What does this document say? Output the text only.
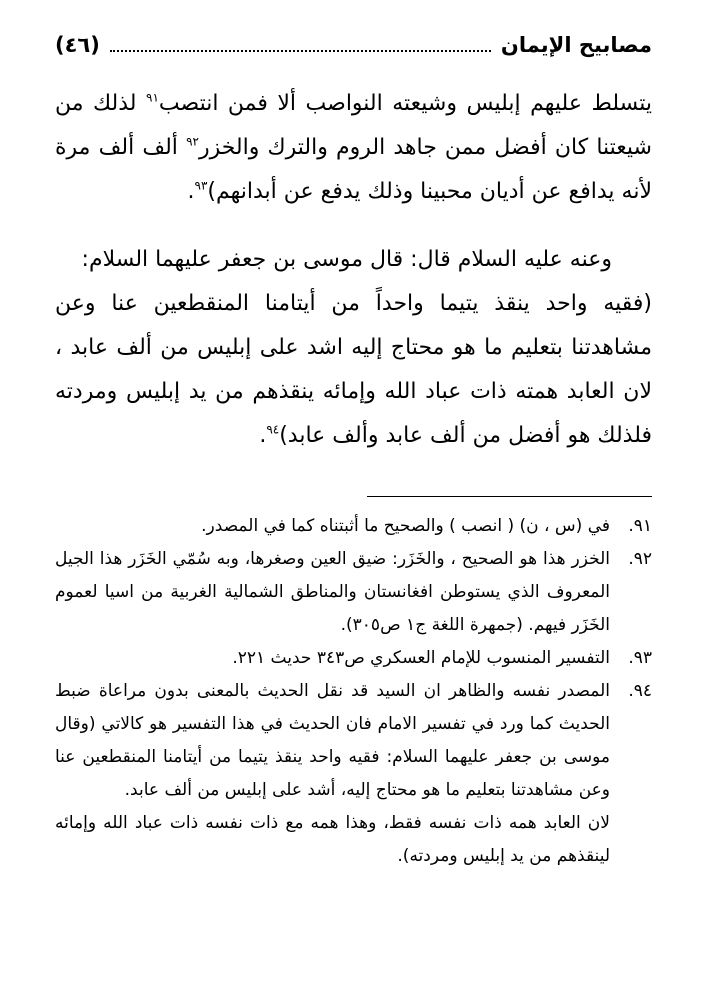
مصابيح الإيمان
(٤٦)

يتسلط عليهم إبليس وشيعته النواصب ألا فمن انتصب$^{٩١}$ لذلك من شيعتنا كان أفضل ممن جاهد الروم والترك والخزر$^{٩٢}$ ألف ألف مرة لأنه يدافع عن أديان محبينا وذلك يدفع عن أبدانهم)$^{٩٣}$.

وعنه عليه السلام قال: قال موسى بن جعفر عليهما السلام:
(فقيه واحد ينقذ يتيما واحداً من أيتامنا المنقطعين عنا وعن مشاهدتنا بتعليم ما هو محتاج إليه اشد على إبليس من ألف عابد ، لان العابد همته ذات عباد الله وإمائه ينقذهم من يد إبليس ومردته فلذلك هو أفضل من ألف عابد وألف عابد)$^{٩٤}$.

٩١.
في (س ، ن) ( انصب ) والصحيح ما أثبتناه كما في المصدر.
٩٢.
الخزر هذا هو الصحيح ، والخَزَر: ضيق العين وصغرها، وبه سُمّي الخَزَر هذا الجيل المعروف الذي يستوطن افغانستان والمناطق الشمالية الغربية من اسيا لعموم الخَزَر فيهم. (جمهرة اللغة ج١ ص٣٠٥).
٩٣.
التفسير المنسوب للإمام العسكري ص٣٤٣ حديث ٢٢١.
٩٤.
المصدر نفسه والظاهر ان السيد قد نقل الحديث بالمعنى بدون مراعاة ضبط الحديث كما ورد في تفسير الامام فان الحديث في هذا التفسير هو كالاتي (وقال موسى بن جعفر عليهما السلام: فقيه واحد ينقذ يتيما من أيتامنا المنقطعين عنا وعن مشاهدتنا بتعليم ما هو محتاج إليه، أشد على إبليس من ألف عابد.
لان العابد همه ذات نفسه فقط، وهذا همه مع ذات نفسه ذات عباد الله وإمائه لينقذهم من يد إبليس ومردته).
